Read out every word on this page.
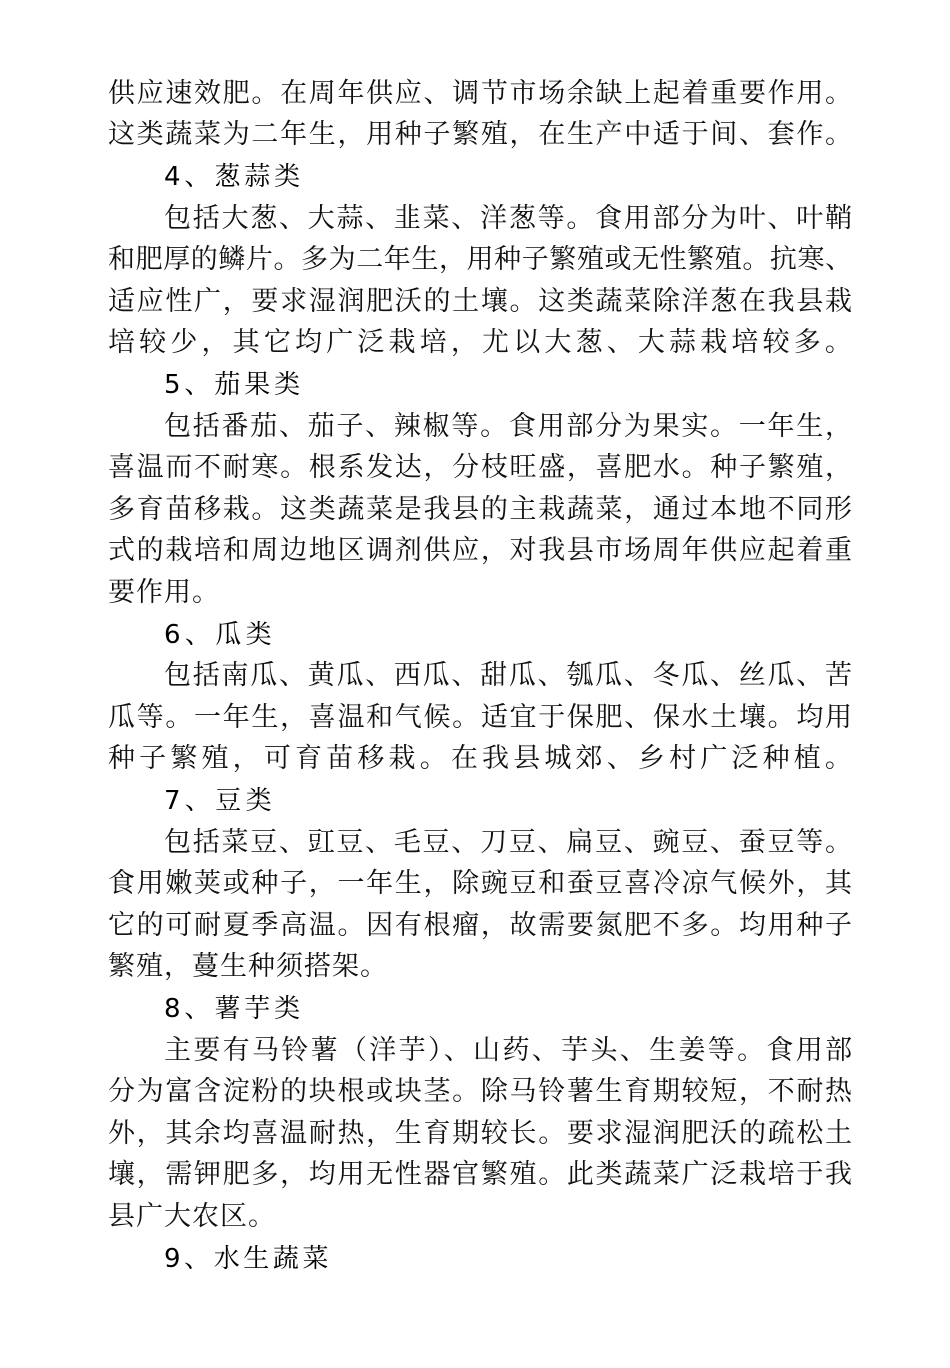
供应速效肥。在周年供应、调节市场余缺上起着重要作用。
这类蔬菜为二年生，用种子繁殖，在生产中适于间、套作。
4、葱蒜类
包括大葱、大蒜、韭菜、洋葱等。食用部分为叶、叶鞘
和肥厚的鳞片。多为二年生，用种子繁殖或无性繁殖。抗寒、
适应性广，要求湿润肥沃的土壤。这类蔬菜除洋葱在我县栽
培较少，其它均广泛栽培，尤以大葱、大蒜栽培较多。
5、茄果类
包括番茄、茄子、辣椒等。食用部分为果实。一年生，
喜温而不耐寒。根系发达，分枝旺盛，喜肥水。种子繁殖，
多育苗移栽。这类蔬菜是我县的主栽蔬菜，通过本地不同形
式的栽培和周边地区调剂供应，对我县市场周年供应起着重
要作用。
6、瓜类
包括南瓜、黄瓜、西瓜、甜瓜、瓠瓜、冬瓜、丝瓜、苦
瓜等。一年生，喜温和气候。适宜于保肥、保水土壤。均用
种子繁殖，可育苗移栽。在我县城郊、乡村广泛种植。
7、豆类
包括菜豆、豇豆、毛豆、刀豆、扁豆、豌豆、蚕豆等。
食用嫩荚或种子，一年生，除豌豆和蚕豆喜冷凉气候外，其
它的可耐夏季高温。因有根瘤，故需要氮肥不多。均用种子
繁殖，蔓生种须搭架。
8、薯芋类
主要有马铃薯（洋芋）、山药、芋头、生姜等。食用部
分为富含淀粉的块根或块茎。除马铃薯生育期较短，不耐热
外，其余均喜温耐热，生育期较长。要求湿润肥沃的疏松土
壤，需钾肥多，均用无性器官繁殖。此类蔬菜广泛栽培于我
县广大农区。
9、水生蔬菜
